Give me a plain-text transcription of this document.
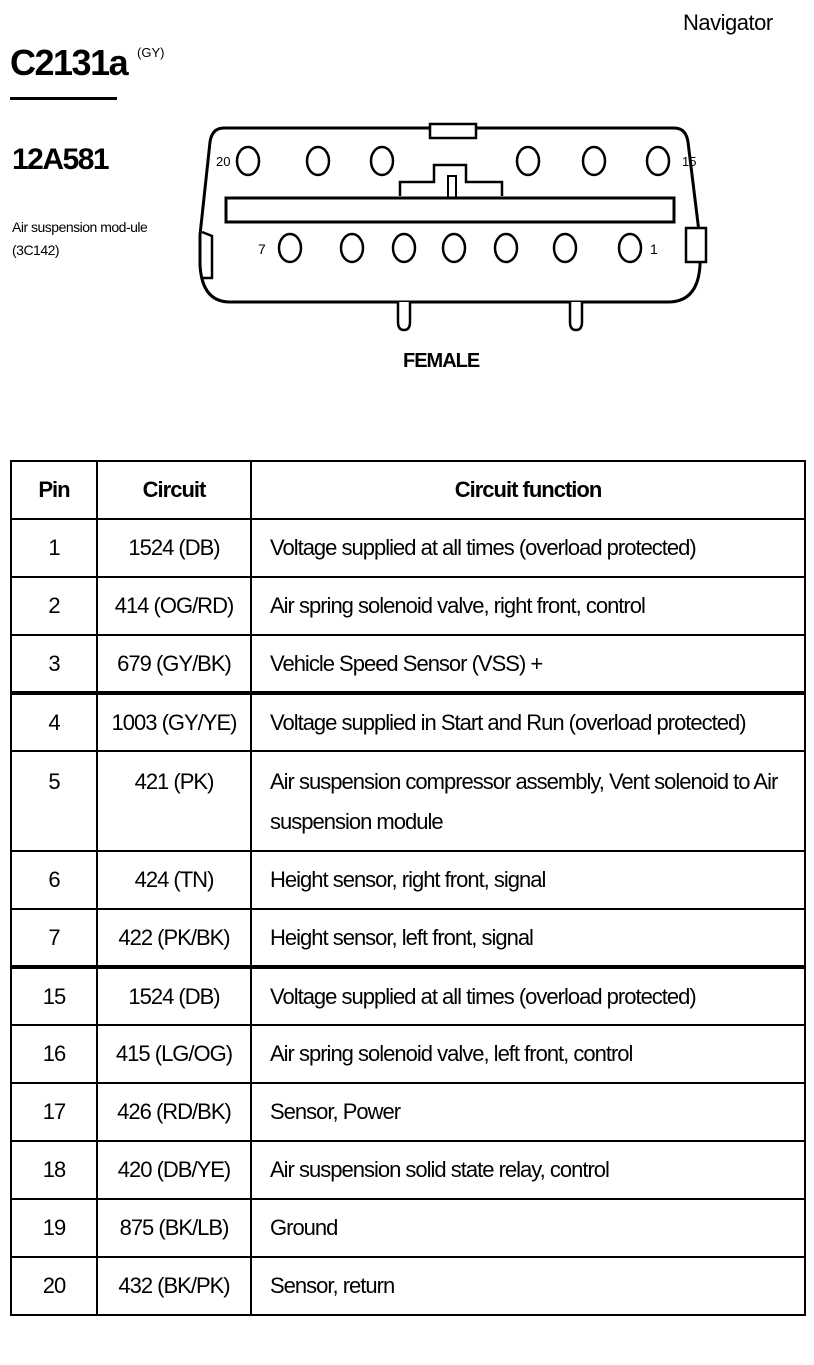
Navigator
C2131a (GY)
12A581
Air suspension mod-ule (3C142)
20	15
7	1
FEMALE
Pin	Circuit	Circuit function
1	1524 (DB)	Voltage supplied at all times (overload protected)
2	414 (OG/RD)	Air spring solenoid valve, right front, control
3	679 (GY/BK)	Vehicle Speed Sensor (VSS) +
4	1003 (GY/YE)	Voltage supplied in Start and Run (overload protected)
5	421 (PK)	Air suspension compressor assembly, Vent solenoid to Air suspension module
6	424 (TN)	Height sensor, right front, signal
7	422 (PK/BK)	Height sensor, left front, signal
15	1524 (DB)	Voltage supplied at all times (overload protected)
16	415 (LG/OG)	Air spring solenoid valve, left front, control
17	426 (RD/BK)	Sensor, Power
18	420 (DB/YE)	Air suspension solid state relay, control
19	875 (BK/LB)	Ground
20	432 (BK/PK)	Sensor, return
